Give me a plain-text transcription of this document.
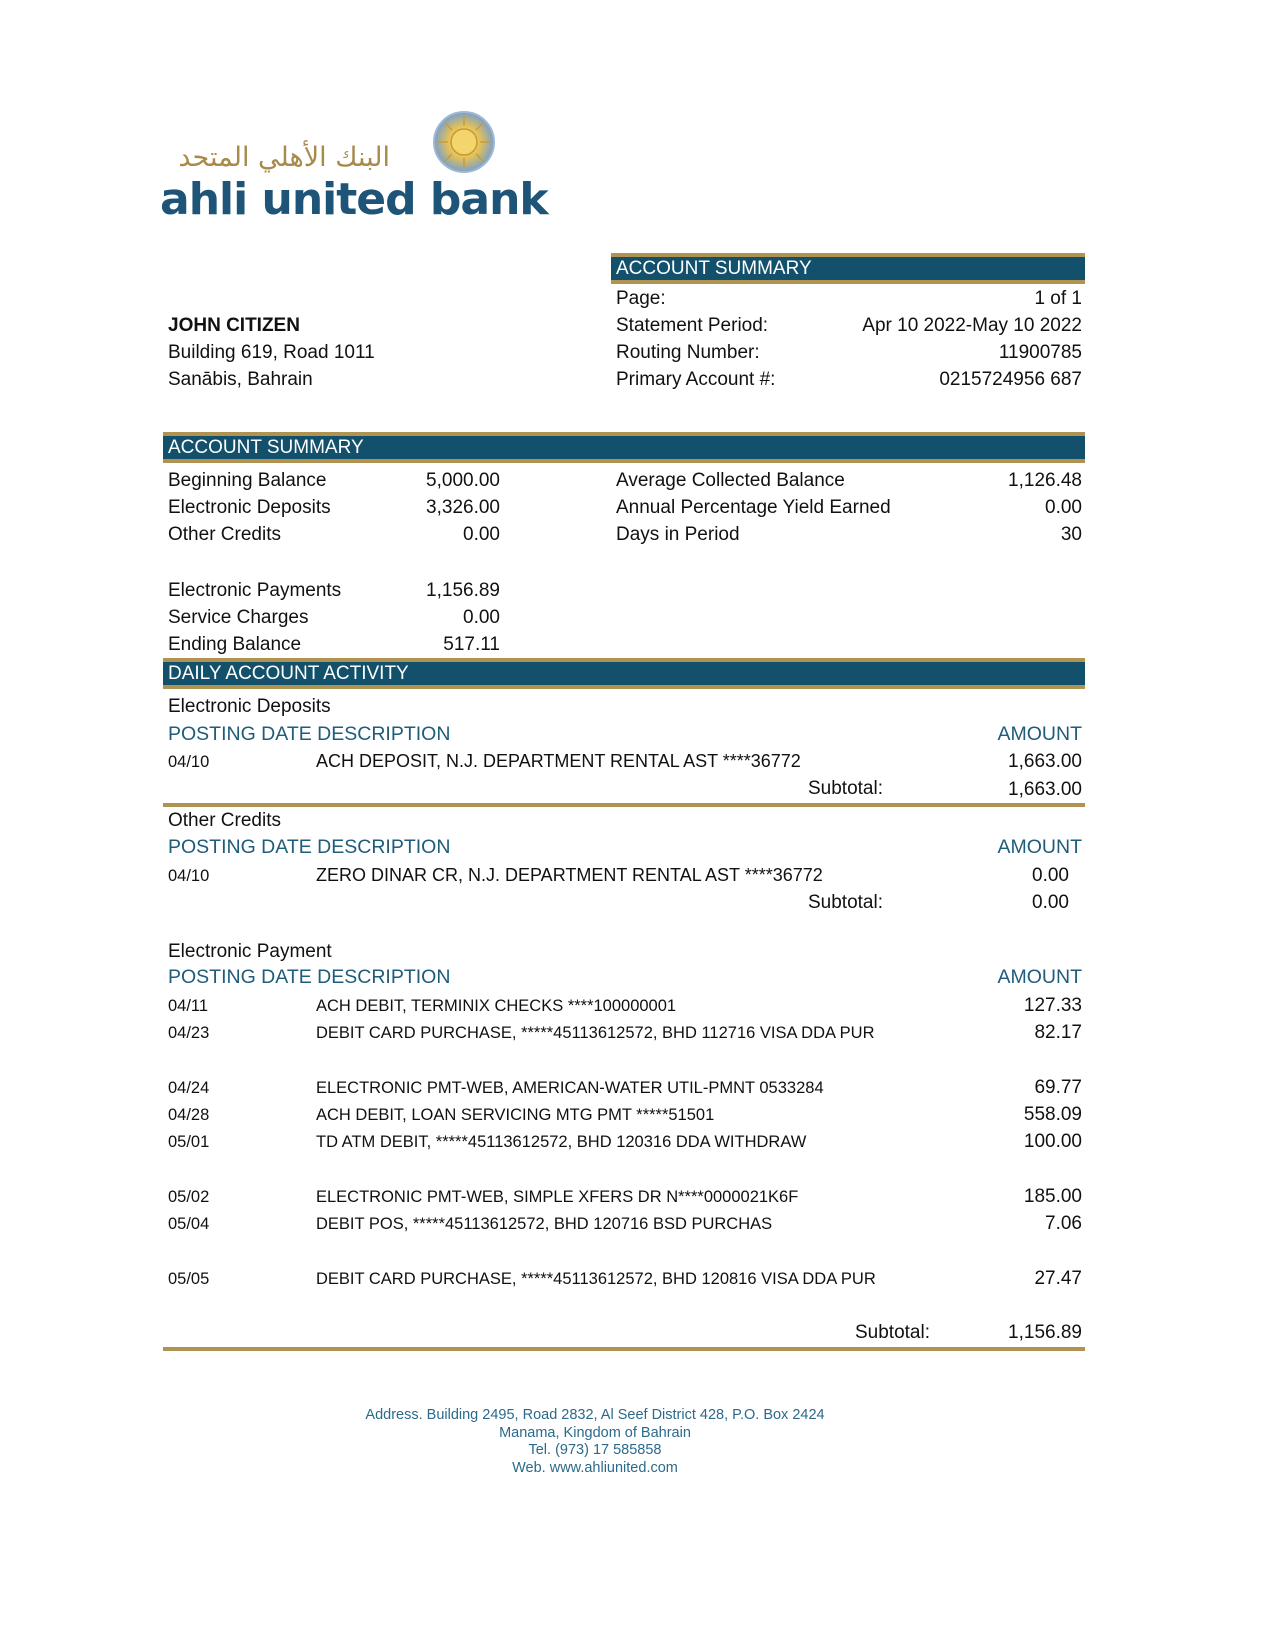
البنك الأهلي المتحد
ahli united bank
ACCOUNT SUMMARY
Page:	1 of 1
Statement Period:	Apr 10 2022-May 10 2022
Routing Number:	11900785
Primary Account #:	0215724956 687
JOHN CITIZEN
Building 619, Road 1011
Sanābis, Bahrain
ACCOUNT SUMMARY
Beginning Balance	5,000.00
Electronic Deposits	3,326.00
Other Credits	0.00
Electronic Payments	1,156.89
Service Charges	0.00
Ending Balance	517.11
Average Collected Balance	1,126.48
Annual Percentage Yield Earned	0.00
Days in Period	30
DAILY ACCOUNT ACTIVITY
Electronic Deposits
POSTING DATE DESCRIPTION	AMOUNT
04/10	ACH DEPOSIT, N.J. DEPARTMENT RENTAL AST ****36772	1,663.00
Subtotal:	1,663.00
Other Credits
POSTING DATE DESCRIPTION	AMOUNT
04/10	ZERO DINAR CR, N.J. DEPARTMENT RENTAL AST ****36772	0.00
Subtotal:	0.00
Electronic Payment
POSTING DATE DESCRIPTION	AMOUNT
04/11	ACH DEBIT, TERMINIX CHECKS ****100000001	127.33
04/23	DEBIT CARD PURCHASE, *****45113612572, BHD 112716 VISA DDA PUR	82.17
04/24	ELECTRONIC PMT-WEB, AMERICAN-WATER UTIL-PMNT 0533284	69.77
04/28	ACH DEBIT, LOAN SERVICING MTG PMT *****51501	558.09
05/01	TD ATM DEBIT, *****45113612572, BHD 120316 DDA WITHDRAW	100.00
05/02	ELECTRONIC PMT-WEB, SIMPLE XFERS DR N****0000021K6F	185.00
05/04	DEBIT POS, *****45113612572, BHD 120716 BSD PURCHAS	7.06
05/05	DEBIT CARD PURCHASE, *****45113612572, BHD 120816 VISA DDA PUR	27.47
Subtotal:	1,156.89
Address. Building 2495, Road 2832, Al Seef District 428, P.O. Box 2424
Manama, Kingdom of Bahrain
Tel. (973) 17 585858
Web. www.ahliunited.com
